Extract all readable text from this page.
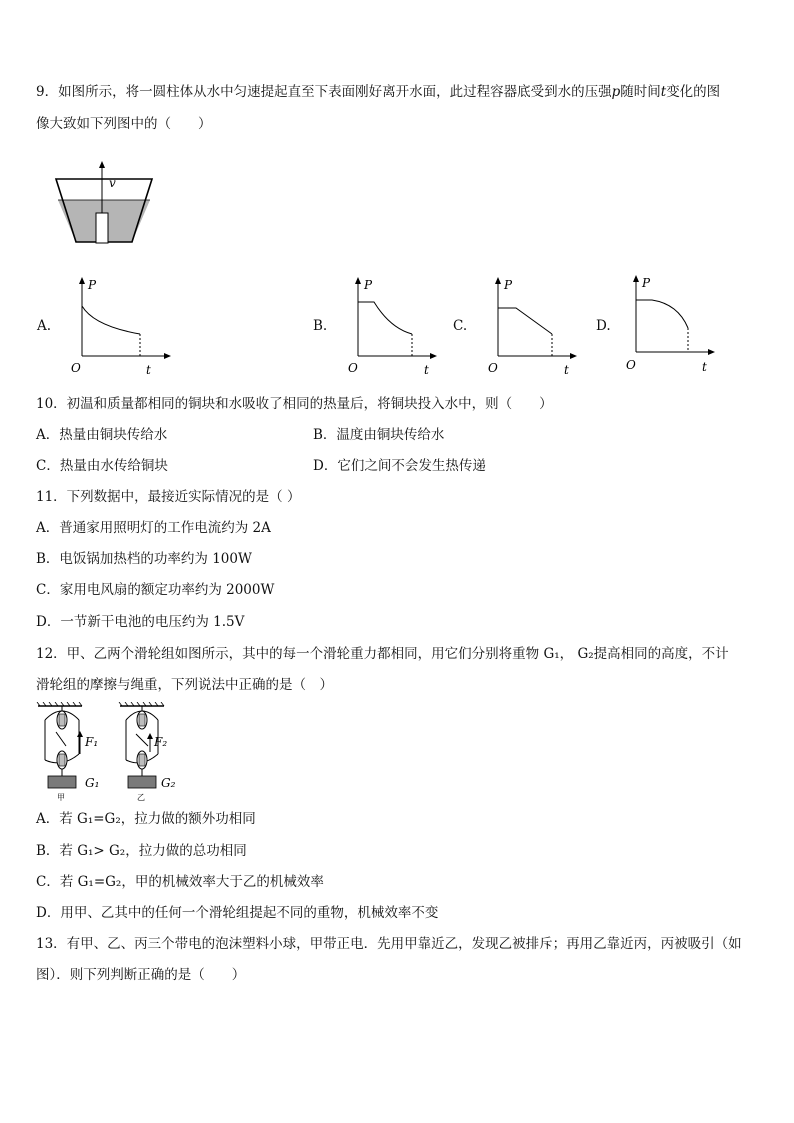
9．如图所示，将一圆柱体从水中匀速提起直至下表面刚好离开水面，此过程容器底受到水的压强p随时间t变化的图
像大致如下列图中的（　　）
v
A.
P
O	t
B.
P
O	t
C.
P
O	t
D.
P
O	t
10．初温和质量都相同的铜块和水吸收了相同的热量后，将铜块投入水中，则（　　）
A．热量由铜块传给水	B．温度由铜块传给水
C．热量由水传给铜块	D．它们之间不会发生热传递
11．下列数据中，最接近实际情况的是（ ）
A．普通家用照明灯的工作电流约为 2A
B．电饭锅加热档的功率约为 100W
C．家用电风扇的额定功率约为 2000W
D．一节新干电池的电压约为 1.5V
12．甲、乙两个滑轮组如图所示，其中的每一个滑轮重力都相同，用它们分别将重物 G₁， G₂提高相同的高度，不计
滑轮组的摩擦与绳重，下列说法中正确的是（　）
F₁
G₁
甲
F₂
G₂
乙
A．若 G₁=G₂，拉力做的额外功相同
B．若 G₁> G₂，拉力做的总功相同
C．若 G₁=G₂，甲的机械效率大于乙的机械效率
D．用甲、乙其中的任何一个滑轮组提起不同的重物，机械效率不变
13．有甲、乙、丙三个带电的泡沫塑料小球，甲带正电．先用甲靠近乙，发现乙被排斥；再用乙靠近丙，丙被吸引（如
图）．则下列判断正确的是（　　）
